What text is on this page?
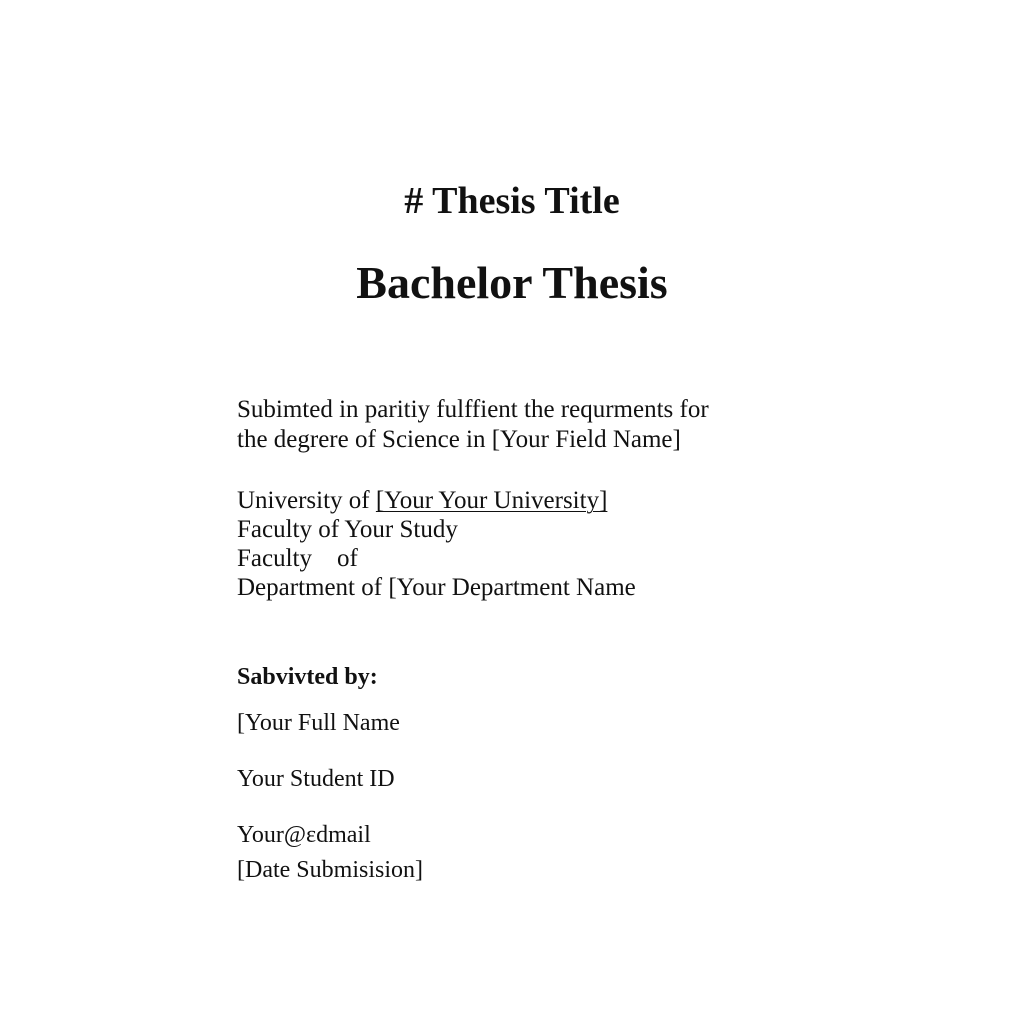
# Thesis Title
Bachelor Thesis
Subimted in paritiy fulffient the requrments for
the degrere of Science in [Your Field Name]
University of [Your Your University]
Faculty of Your Study
Faculty    of
Department of [Your Department Name
Sabvivted by:
[Your Full Name
Your Student ID
Your@ɛdmail
[Date Submisision]
